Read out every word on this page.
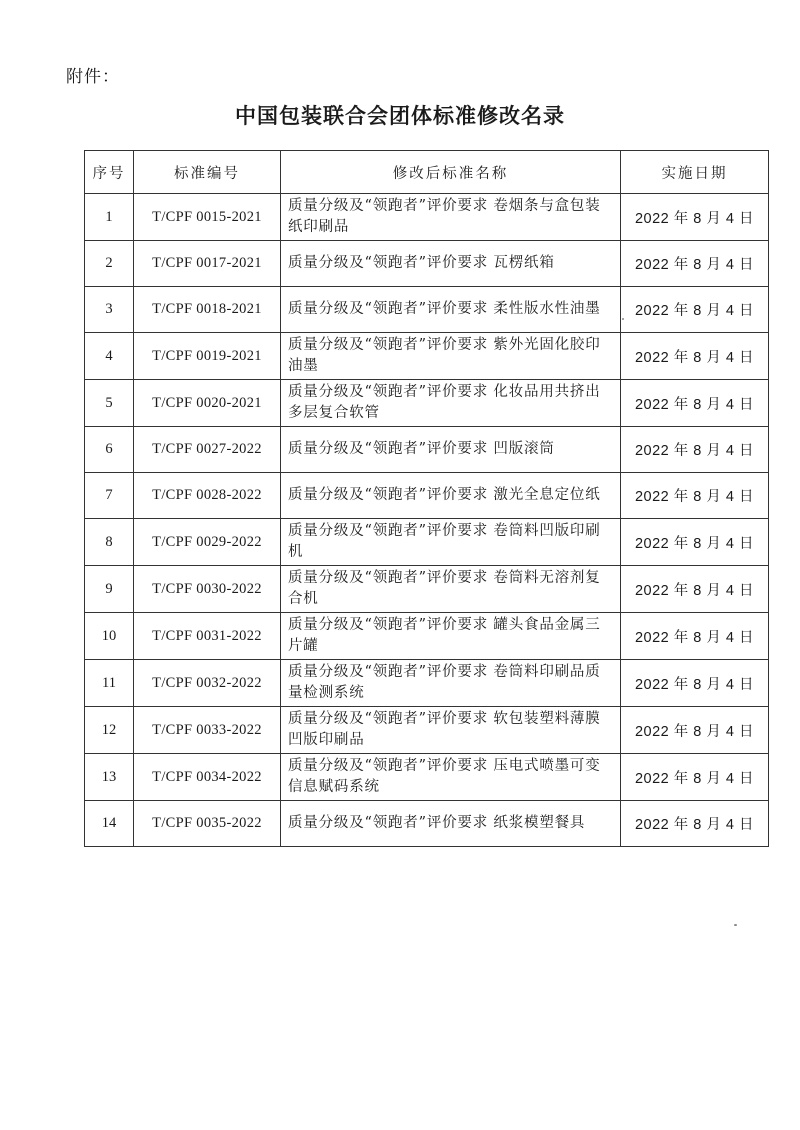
附件：
中国包装联合会团体标准修改名录
序号	标准编号	修改后标准名称	实施日期
1	T/CPF 0015-2021	质量分级及“领跑者”评价要求 卷烟条与盒包装纸印刷品	2022 年 8 月 4 日
2	T/CPF 0017-2021	质量分级及“领跑者”评价要求 瓦楞纸箱	2022 年 8 月 4 日
3	T/CPF 0018-2021	质量分级及“领跑者”评价要求 柔性版水性油墨	2022 年 8 月 4 日
4	T/CPF 0019-2021	质量分级及“领跑者”评价要求 紫外光固化胶印油墨	2022 年 8 月 4 日
5	T/CPF 0020-2021	质量分级及“领跑者”评价要求 化妆品用共挤出多层复合软管	2022 年 8 月 4 日
6	T/CPF 0027-2022	质量分级及“领跑者”评价要求 凹版滚筒	2022 年 8 月 4 日
7	T/CPF 0028-2022	质量分级及“领跑者”评价要求 激光全息定位纸	2022 年 8 月 4 日
8	T/CPF 0029-2022	质量分级及“领跑者”评价要求 卷筒料凹版印刷机	2022 年 8 月 4 日
9	T/CPF 0030-2022	质量分级及“领跑者”评价要求 卷筒料无溶剂复合机	2022 年 8 月 4 日
10	T/CPF 0031-2022	质量分级及“领跑者”评价要求 罐头食品金属三片罐	2022 年 8 月 4 日
11	T/CPF 0032-2022	质量分级及“领跑者”评价要求 卷筒料印刷品质量检测系统	2022 年 8 月 4 日
12	T/CPF 0033-2022	质量分级及“领跑者”评价要求 软包装塑料薄膜凹版印刷品	2022 年 8 月 4 日
13	T/CPF 0034-2022	质量分级及“领跑者”评价要求 压电式喷墨可变信息赋码系统	2022 年 8 月 4 日
14	T/CPF 0035-2022	质量分级及“领跑者”评价要求 纸浆模塑餐具	2022 年 8 月 4 日
